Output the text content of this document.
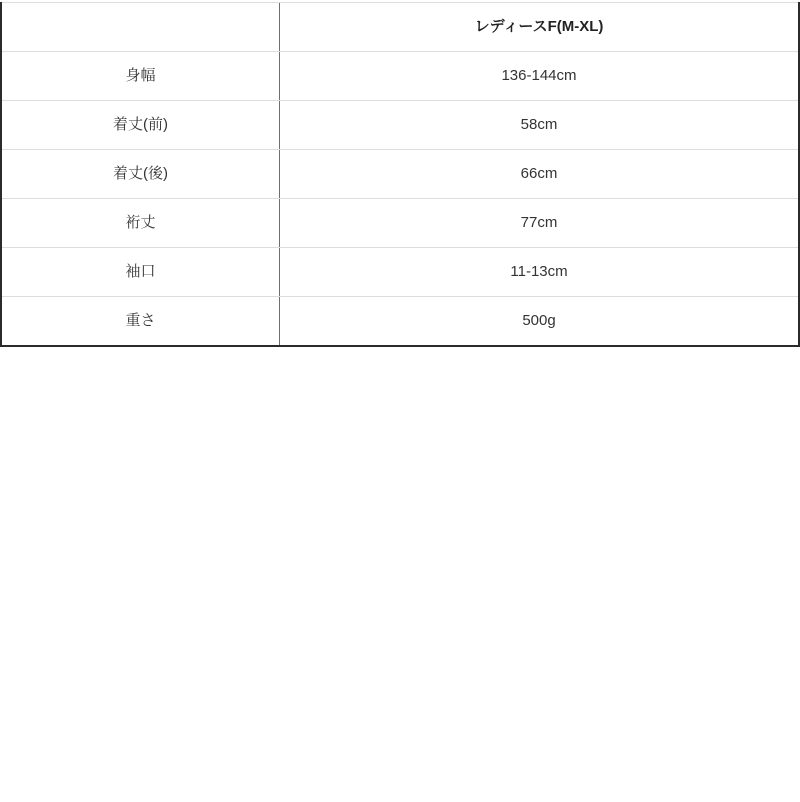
	レディースF(M-XL)
身幅	136-144cm
着丈(前)	58cm
着丈(後)	66cm
裄丈	77cm
袖口	11-13cm
重さ	500g
